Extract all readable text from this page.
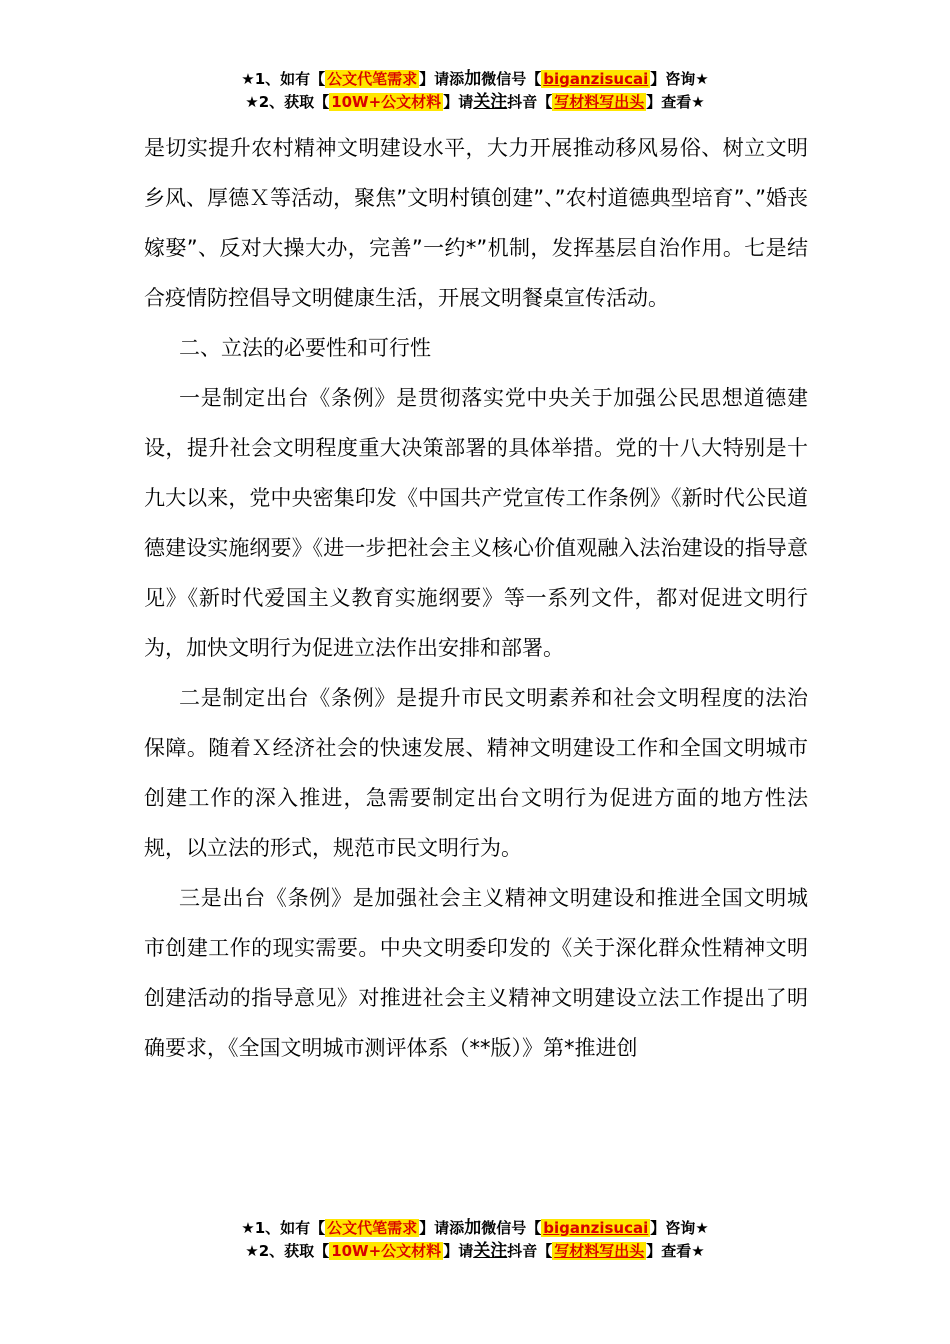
★1、如有【 公文代笔需求 】请添加微信号【 biganzisucai 】咨询★
★2、获取【 10W+公文材料 】请关注抖音【 写材料写出头 】查看★

是切实提升农村精神文明建设水平，大力开展推动移风易俗、树立文明乡风、厚德Ｘ等活动，聚焦”文明村镇创建”、”农村道德典型培育”、”婚丧嫁娶”、反对大操大办，完善”一约*”机制，发挥基层自治作用。七是结合疫情防控倡导文明健康生活，开展文明餐桌宣传活动。

二、立法的必要性和可行性

一是制定出台《条例》是贯彻落实党中央关于加强公民思想道德建设，提升社会文明程度重大决策部署的具体举措。党的十八大特别是十九大以来，党中央密集印发《中国共产党宣传工作条例》《新时代公民道德建设实施纲要》《进一步把社会主义核心价值观融入法治建设的指导意见》《新时代爱国主义教育实施纲要》等一系列文件，都对促进文明行为，加快文明行为促进立法作出安排和部署。

二是制定出台《条例》是提升市民文明素养和社会文明程度的法治保障。随着Ｘ经济社会的快速发展、精神文明建设工作和全国文明城市创建工作的深入推进，急需要制定出台文明行为促进方面的地方性法规，以立法的形式，规范市民文明行为。

三是出台《条例》是加强社会主义精神文明建设和推进全国文明城市创建工作的现实需要。中央文明委印发的《关于深化群众性精神文明创建活动的指导意见》对推进社会主义精神文明建设立法工作提出了明确要求，《全国文明城市测评体系（**版）》第*推进创

★1、如有【 公文代笔需求 】请添加微信号【 biganzisucai 】咨询★
★2、获取【 10W+公文材料 】请关注抖音【 写材料写出头 】查看★
